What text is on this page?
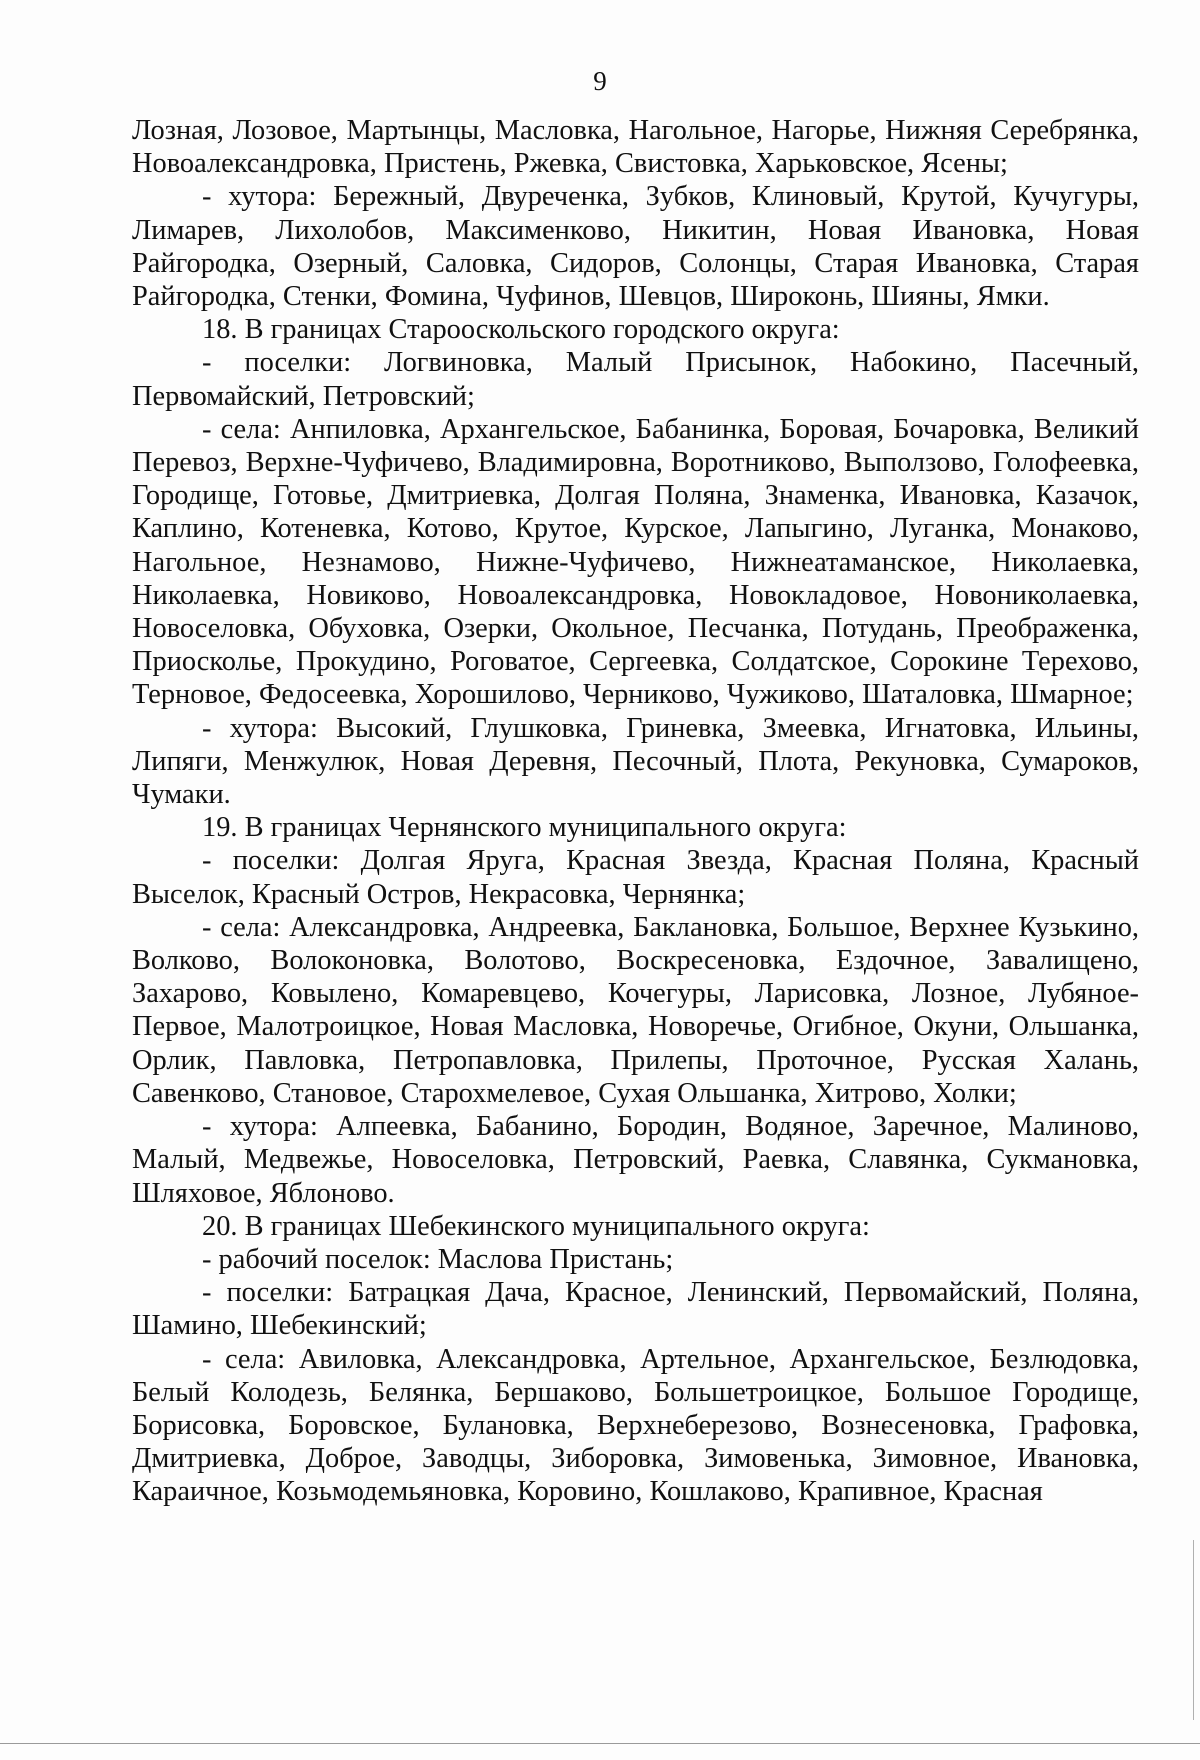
9

Лозная, Лозовое, Мартынцы, Масловка, Нагольное, Нагорье, Нижняя Серебрянка, Новоалександровка, Пристень, Ржевка, Свистовка, Харьковское, Ясены;

- хутора: Бережный, Двуреченка, Зубков, Клиновый, Крутой, Кучугуры, Лимарев, Лихолобов, Максименково, Никитин, Новая Ивановка, Новая Райгородка, Озерный, Саловка, Сидоров, Солонцы, Старая Ивановка, Старая Райгородка, Стенки, Фомина, Чуфинов, Шевцов, Широконь, Шияны, Ямки.

18. В границах Старооскольского городского округа:

- поселки: Логвиновка, Малый Присынок, Набокино, Пасечный, Первомайский, Петровский;

- села: Анпиловка, Архангельское, Бабанинка, Боровая, Бочаровка, Великий Перевоз, Верхне-Чуфичево, Владимировна, Воротниково, Выползово, Голофеевка, Городище, Готовье, Дмитриевка, Долгая Поляна, Знаменка, Ивановка, Казачок, Каплино, Котеневка, Котово, Крутое, Курское, Лапыгино, Луганка, Монаково, Нагольное, Незнамово, Нижне-Чуфичево, Нижнеатаманское, Николаевка, Николаевка, Новиково, Новоалександровка, Новокладовое, Новониколаевка, Новоселовка, Обуховка, Озерки, Окольное, Песчанка, Потудань, Преображенка, Приосколье, Прокудино, Роговатое, Сергеевка, Солдатское, Сорокине Терехово, Терновое, Федосеевка, Хорошилово, Черниково, Чужиково, Шаталовка, Шмарное;

- хутора: Высокий, Глушковка, Гриневка, Змеевка, Игнатовка, Ильины, Липяги, Менжулюк, Новая Деревня, Песочный, Плота, Рекуновка, Сумароков, Чумаки.

19. В границах Чернянского муниципального округа:

- поселки: Долгая Яруга, Красная Звезда, Красная Поляна, Красный Выселок, Красный Остров, Некрасовка, Чернянка;

- села: Александровка, Андреевка, Баклановка, Большое, Верхнее Кузькино, Волково, Волоконовка, Волотово, Воскресеновка, Ездочное, Завалищено, Захарово, Ковылено, Комаревцево, Кочегуры, Ларисовка, Лозное, Лубяное-Первое, Малотроицкое, Новая Масловка, Новоречье, Огибное, Окуни, Ольшанка, Орлик, Павловка, Петропавловка, Прилепы, Проточное, Русская Халань, Савенково, Становое, Старохмелевое, Сухая Ольшанка, Хитрово, Холки;

- хутора: Алпеевка, Бабанино, Бородин, Водяное, Заречное, Малиново, Малый, Медвежье, Новоселовка, Петровский, Раевка, Славянка, Сукмановка, Шляховое, Яблоново.

20. В границах Шебекинского муниципального округа:

- рабочий поселок: Маслова Пристань;

- поселки: Батрацкая Дача, Красное, Ленинский, Первомайский, Поляна, Шамино, Шебекинский;

- села: Авиловка, Александровка, Артельное, Архангельское, Безлюдовка, Белый Колодезь, Белянка, Бершаково, Большетроицкое, Большое Городище, Борисовка, Боровское, Булановка, Верхнеберезово, Вознесеновка, Графовка, Дмитриевка, Доброе, Заводцы, Зиборовка, Зимовенька, Зимовное, Ивановка, Караичное, Козьмодемьяновка, Коровино, Кошлаково, Крапивное, Красная
